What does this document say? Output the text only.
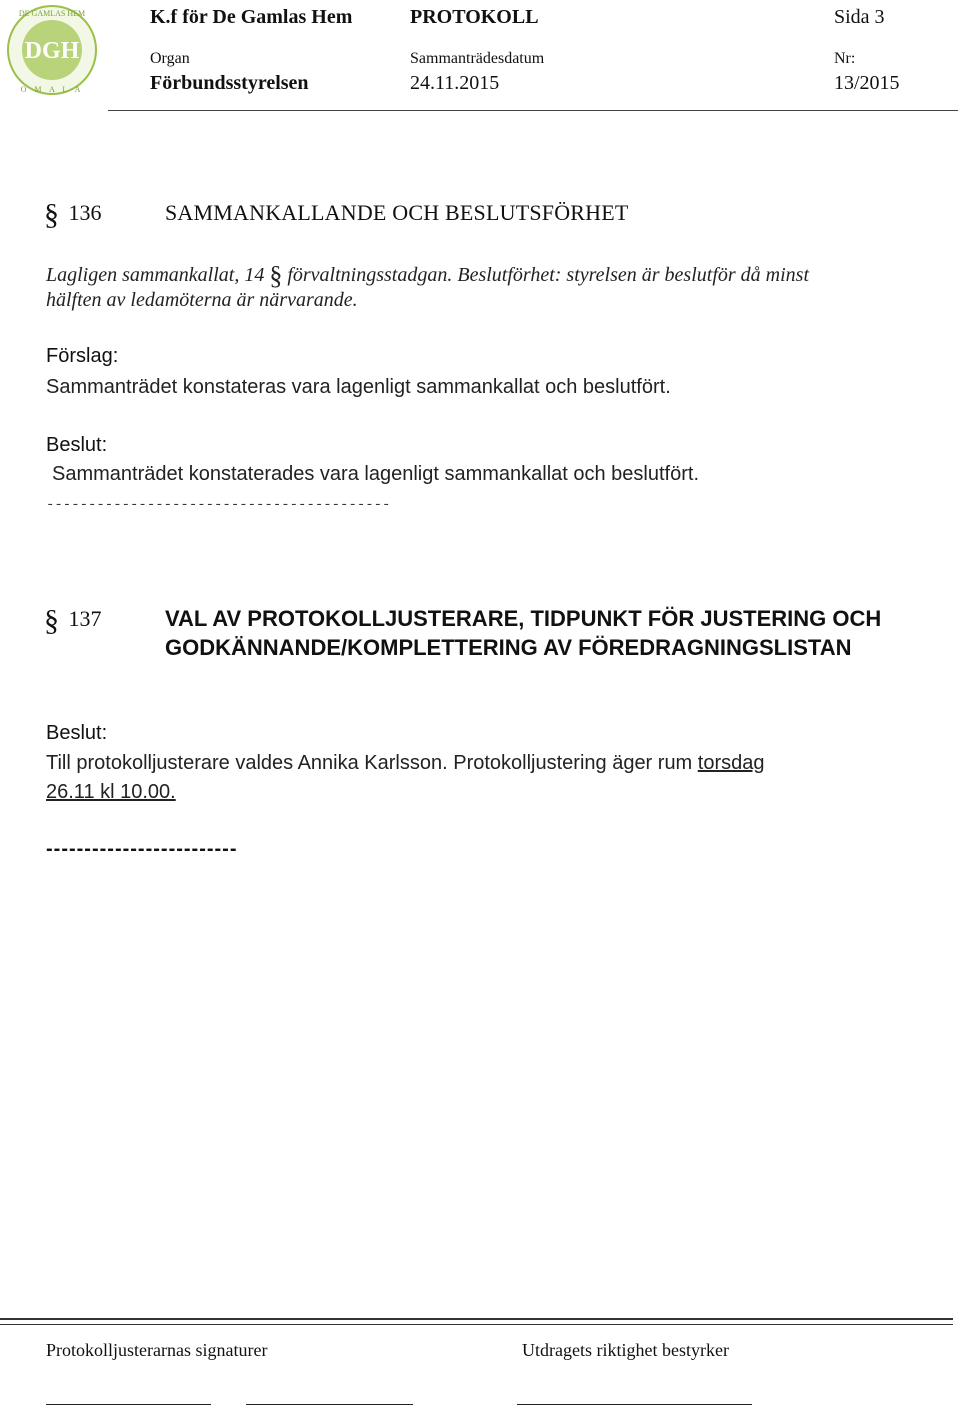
DGH
DE GAMLAS HEM
O M A L A
K.f för De Gamlas Hem	PROTOKOLL	Sida 3
Organ	Sammanträdesdatum	Nr:
Förbundsstyrelsen	24.11.2015	13/2015
§ 136	SAMMANKALLANDE OCH BESLUTSFÖRHET
Lagligen sammankallat, 14 § förvaltningsstadgan. Beslutförhet: styrelsen är beslutför då minst
hälften av ledamöterna är närvarande.
Förslag:
Sammanträdet konstateras vara lagenligt sammankallat och beslutfört.
Beslut:
Sammanträdet konstaterades vara lagenligt sammankallat och beslutfört.
-----------------------------------------
§ 137	VAL AV PROTOKOLLJUSTERARE, TIDPUNKT FÖR JUSTERING OCH GODKÄNNANDE/KOMPLETTERING AV FÖREDRAGNINGSLISTAN
Beslut:
Till protokolljusterare valdes Annika Karlsson. Protokolljustering äger rum torsdag
26.11 kl 10.00.
-------------------------
Protokolljusterarnas signaturer	Utdragets riktighet bestyrker
